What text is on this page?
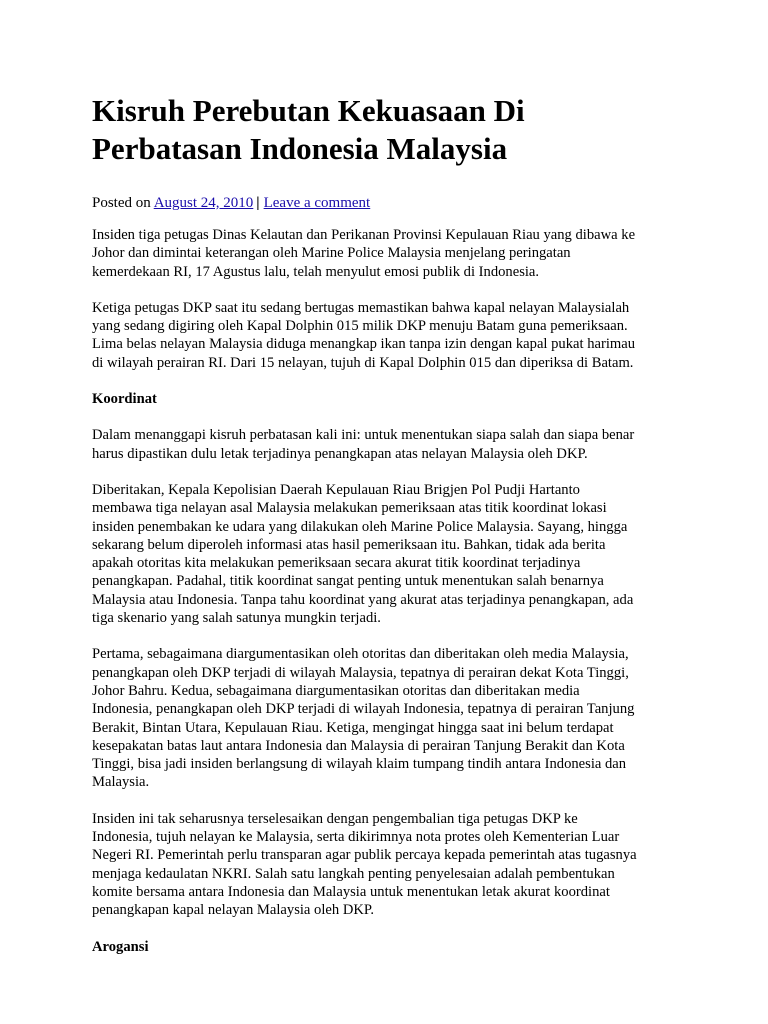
Kisruh Perebutan Kekuasaan Di
Perbatasan Indonesia Malaysia
Posted on August 24, 2010 | Leave a comment

Insiden tiga petugas Dinas Kelautan dan Perikanan Provinsi Kepulauan Riau yang dibawa ke
Johor dan dimintai keterangan oleh Marine Police Malaysia menjelang peringatan
kemerdekaan RI, 17 Agustus lalu, telah menyulut emosi publik di Indonesia.

Ketiga petugas DKP saat itu sedang bertugas memastikan bahwa kapal nelayan Malaysialah
yang sedang digiring oleh Kapal Dolphin 015 milik DKP menuju Batam guna pemeriksaan.
Lima belas nelayan Malaysia diduga menangkap ikan tanpa izin dengan kapal pukat harimau
di wilayah perairan RI. Dari 15 nelayan, tujuh di Kapal Dolphin 015 dan diperiksa di Batam.

Koordinat

Dalam menanggapi kisruh perbatasan kali ini: untuk menentukan siapa salah dan siapa benar
harus dipastikan dulu letak terjadinya penangkapan atas nelayan Malaysia oleh DKP.

Diberitakan, Kepala Kepolisian Daerah Kepulauan Riau Brigjen Pol Pudji Hartanto
membawa tiga nelayan asal Malaysia melakukan pemeriksaan atas titik koordinat lokasi
insiden penembakan ke udara yang dilakukan oleh Marine Police Malaysia. Sayang, hingga
sekarang belum diperoleh informasi atas hasil pemeriksaan itu. Bahkan, tidak ada berita
apakah otoritas kita melakukan pemeriksaan secara akurat titik koordinat terjadinya
penangkapan. Padahal, titik koordinat sangat penting untuk menentukan salah benarnya
Malaysia atau Indonesia. Tanpa tahu koordinat yang akurat atas terjadinya penangkapan, ada
tiga skenario yang salah satunya mungkin terjadi.

Pertama, sebagaimana diargumentasikan oleh otoritas dan diberitakan oleh media Malaysia,
penangkapan oleh DKP terjadi di wilayah Malaysia, tepatnya di perairan dekat Kota Tinggi,
Johor Bahru. Kedua, sebagaimana diargumentasikan otoritas dan diberitakan media
Indonesia, penangkapan oleh DKP terjadi di wilayah Indonesia, tepatnya di perairan Tanjung
Berakit, Bintan Utara, Kepulauan Riau. Ketiga, mengingat hingga saat ini belum terdapat
kesepakatan batas laut antara Indonesia dan Malaysia di perairan Tanjung Berakit dan Kota
Tinggi, bisa jadi insiden berlangsung di wilayah klaim tumpang tindih antara Indonesia dan
Malaysia.

Insiden ini tak seharusnya terselesaikan dengan pengembalian tiga petugas DKP ke
Indonesia, tujuh nelayan ke Malaysia, serta dikirimnya nota protes oleh Kementerian Luar
Negeri RI. Pemerintah perlu transparan agar publik percaya kepada pemerintah atas tugasnya
menjaga kedaulatan NKRI. Salah satu langkah penting penyelesaian adalah pembentukan
komite bersama antara Indonesia dan Malaysia untuk menentukan letak akurat koordinat
penangkapan kapal nelayan Malaysia oleh DKP.

Arogansi
